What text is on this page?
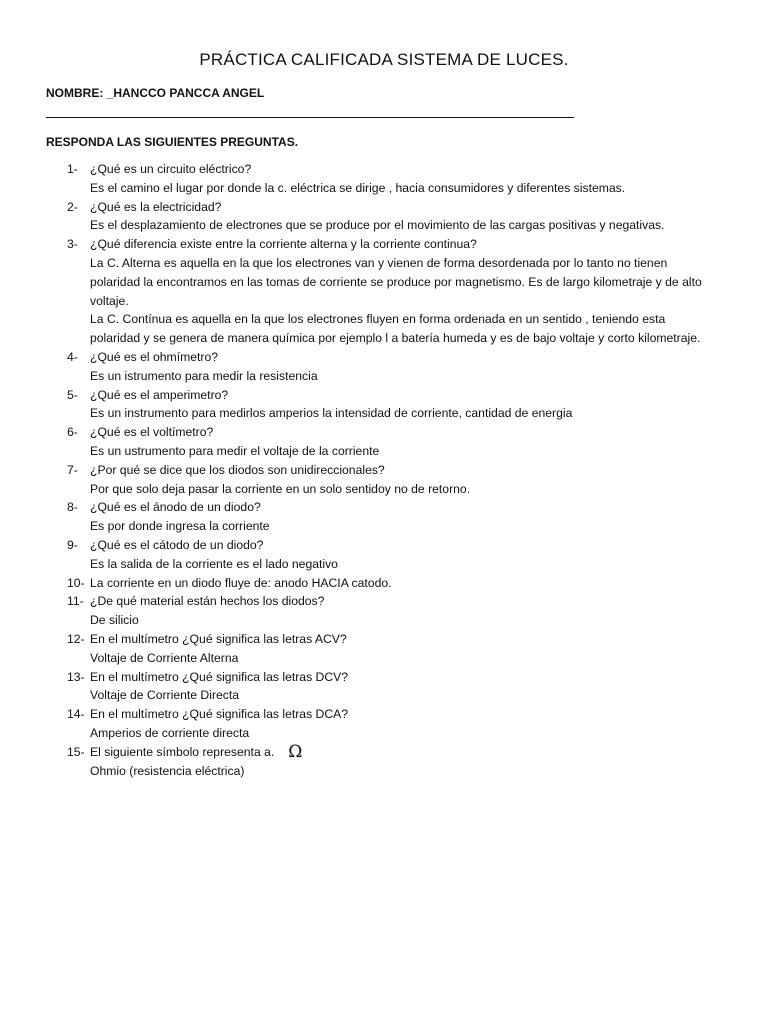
PRÁCTICA CALIFICADA SISTEMA DE LUCES.
NOMBRE: _HANCCO PANCCA ANGEL
RESPONDA LAS SIGUIENTES PREGUNTAS.
1- ¿Qué es un circuito eléctrico?
Es el camino el lugar por donde la c. eléctrica se dirige , hacia consumidores y diferentes sistemas.
2- ¿Qué es la electricidad?
Es el desplazamiento de electrones que se produce por el movimiento de las cargas positivas y negativas.
3- ¿Qué diferencia existe entre la corriente alterna y la corriente continua?
La C. Alterna es aquella en la que los electrones van y vienen de forma desordenada por lo tanto no tienen polaridad la encontramos en las tomas de corriente se produce por magnetismo. Es de largo kilometraje y de alto voltaje.
La C. Contínua es aquella en la que los electrones fluyen en forma ordenada en un sentido , teniendo esta polaridad y se genera de manera química por ejemplo l a batería humeda y es de bajo voltaje y corto kilometraje.
4- ¿Qué es el ohmímetro?
Es un istrumento para medir la resistencia
5- ¿Qué es el amperimetro?
Es un instrumento para medirlos amperios la intensidad de corriente, cantidad de energia
6- ¿Qué es el voltímetro?
Es un ustrumento para medir el voltaje de la corriente
7- ¿Por qué se dice que los diodos son unidireccionales?
Por que solo deja pasar la corriente en un solo sentidoy no de retorno.
8- ¿Qué es el ánodo de un diodo?
Es por donde ingresa la corriente
9- ¿Qué es el cátodo de un diodo?
Es la salida de la corriente es el lado negativo
10- La corriente en un diodo fluye de: anodo HACIA catodo.
11- ¿De qué material están hechos los diodos?
De silicio
12- En el multímetro ¿Qué significa las letras ACV?
Voltaje de Corriente Alterna
13- En el multímetro ¿Qué significa las letras DCV?
Voltaje de Corriente Directa
14- En el multímetro ¿Qué significa las letras DCA?
Amperios de corriente directa
15- El siguiente símbolo representa a. Ω
Ohmio (resistencia eléctrica)
